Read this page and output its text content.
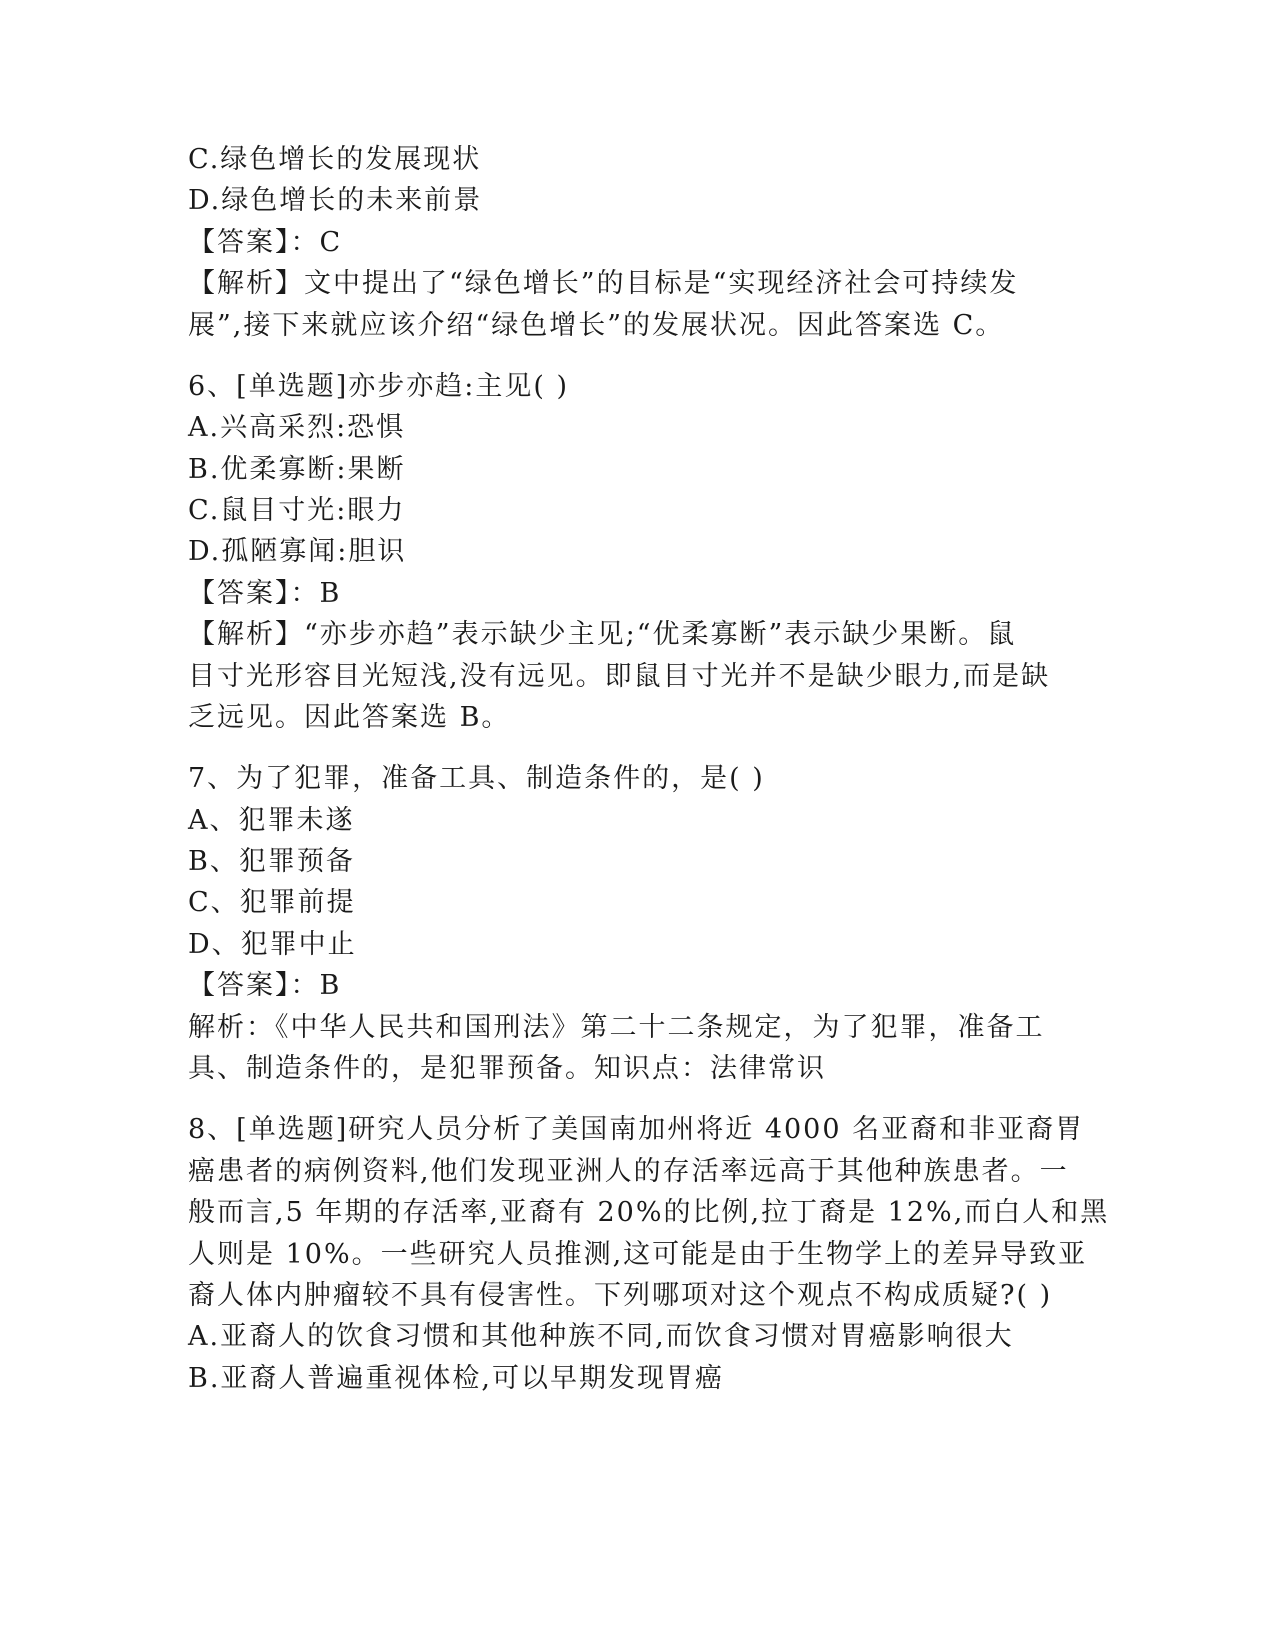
C.绿色增长的发展现状
D.绿色增长的未来前景
【答案】：C
【解析】文中提出了“绿色增长”的目标是“实现经济社会可持续发
展”,接下来就应该介绍“绿色增长”的发展状况。因此答案选 C。
6、[单选题]亦步亦趋:主见( )
A.兴高采烈:恐惧
B.优柔寡断:果断
C.鼠目寸光:眼力
D.孤陋寡闻:胆识
【答案】：B
【解析】“亦步亦趋”表示缺少主见;“优柔寡断”表示缺少果断。鼠
目寸光形容目光短浅,没有远见。即鼠目寸光并不是缺少眼力,而是缺
乏远见。因此答案选 B。
7、为了犯罪，准备工具、制造条件的，是( )
A、犯罪未遂
B、犯罪预备
C、犯罪前提
D、犯罪中止
【答案】：B
解析：《中华人民共和国刑法》第二十二条规定，为了犯罪，准备工
具、制造条件的，是犯罪预备。知识点：法律常识
8、[单选题]研究人员分析了美国南加州将近 4000 名亚裔和非亚裔胃
癌患者的病例资料,他们发现亚洲人的存活率远高于其他种族患者。一
般而言,5 年期的存活率,亚裔有 20%的比例,拉丁裔是 12%,而白人和黑
人则是 10%。一些研究人员推测,这可能是由于生物学上的差异导致亚
裔人体内肿瘤较不具有侵害性。下列哪项对这个观点不构成质疑?( )
A.亚裔人的饮食习惯和其他种族不同,而饮食习惯对胃癌影响很大
B.亚裔人普遍重视体检,可以早期发现胃癌
